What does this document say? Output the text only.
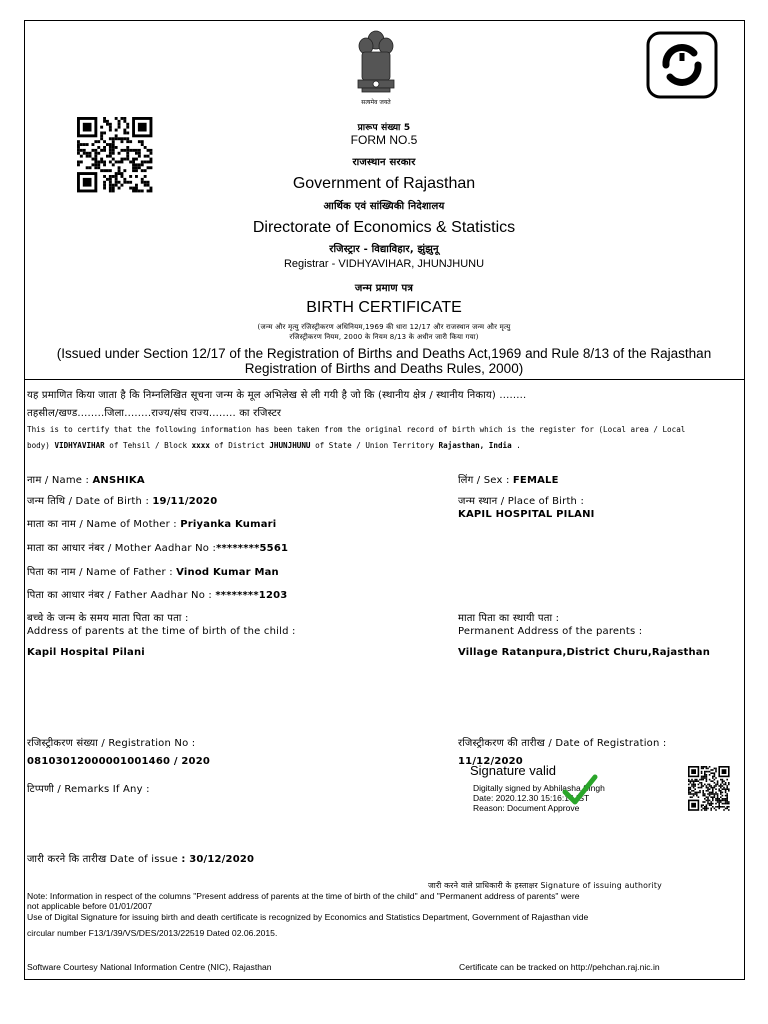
सत्यमेव जयते
प्रारूप संख्या 5
FORM NO.5
राजस्थान सरकार
Government of Rajasthan
आर्थिक एवं सांख्यिकी निदेशालय
Directorate of Economics & Statistics
रजिस्ट्रार - विद्याविहार, झुंझुनू
Registrar - VIDHYAVIHAR, JHUNJHUNU
जन्म प्रमाण पत्र
BIRTH CERTIFICATE
(जन्म और मृत्यु रजिस्ट्रीकरण अधिनियम,1969 की धारा 12/17 और राजस्थान जन्म और मृत्यु
रजिस्ट्रीकरण नियम, 2000 के नियम 8/13 के अधीन जारी किया गया)
(Issued under Section 12/17 of the Registration of Births and Deaths Act,1969 and Rule 8/13 of the Rajasthan
Registration of Births and Deaths Rules, 2000)
यह प्रमाणित किया जाता है कि निम्नलिखित सूचना जन्म के मूल अभिलेख से ली गयी है जो कि (स्थानीय क्षेत्र / स्थानीय निकाय) ........
तहसील/खण्ड........जिला........राज्य/संघ राज्य........ का रजिस्टर
This is to certify that the following information has been taken from the original record of birth which is the register for (Local area / Local
body) VIDHYAVIHAR of Tehsil / Block xxxx of District JHUNJHUNU of State / Union Territory Rajasthan, India .
नाम / Name : ANSHIKA
जन्म तिथि / Date of Birth : 19/11/2020
माता का नाम / Name of Mother : Priyanka Kumari
माता का आधार नंबर / Mother Aadhar No :********5561
पिता का नाम / Name of Father : Vinod Kumar Man
पिता का आधार नंबर / Father Aadhar No : ********1203
बच्चे के जन्म के समय माता पिता का पता :
Address of parents at the time of birth of the child :
Kapil Hospital Pilani
लिंग / Sex : FEMALE
जन्म स्थान / Place of Birth :
KAPIL HOSPITAL PILANI
माता पिता का स्थायी पता :
Permanent Address of the parents :
Village Ratanpura,District Churu,Rajasthan
रजिस्ट्रीकरण संख्या / Registration No :
08103012000001001460 / 2020
टिप्पणी / Remarks If Any :
रजिस्ट्रीकरण की तारीख / Date of Registration :
11/12/2020
Signature valid
Digitally signed by Abhilasha Singh
Date: 2020.12.30 15:16:16 IST
Reason: Document Approve
जारी करने कि तारीख Date of issue : 30/12/2020
जारी करने वाले प्राधिकारी के हस्ताक्षर Signature of issuing authority
Note: Information in respect of the columns "Present address of parents at the time of birth of the child" and "Permanent address of parents" were
not applicable before 01/01/2007
Use of Digital Signature for issuing birth and death certificate is recognized by Economics and Statistics Department, Government of Rajasthan vide
circular number F13/1/39/VS/DES/2013/22519 Dated 02.06.2015.
Software Courtesy National Information Centre (NIC), Rajasthan	Certificate can be tracked on http://pehchan.raj.nic.in
